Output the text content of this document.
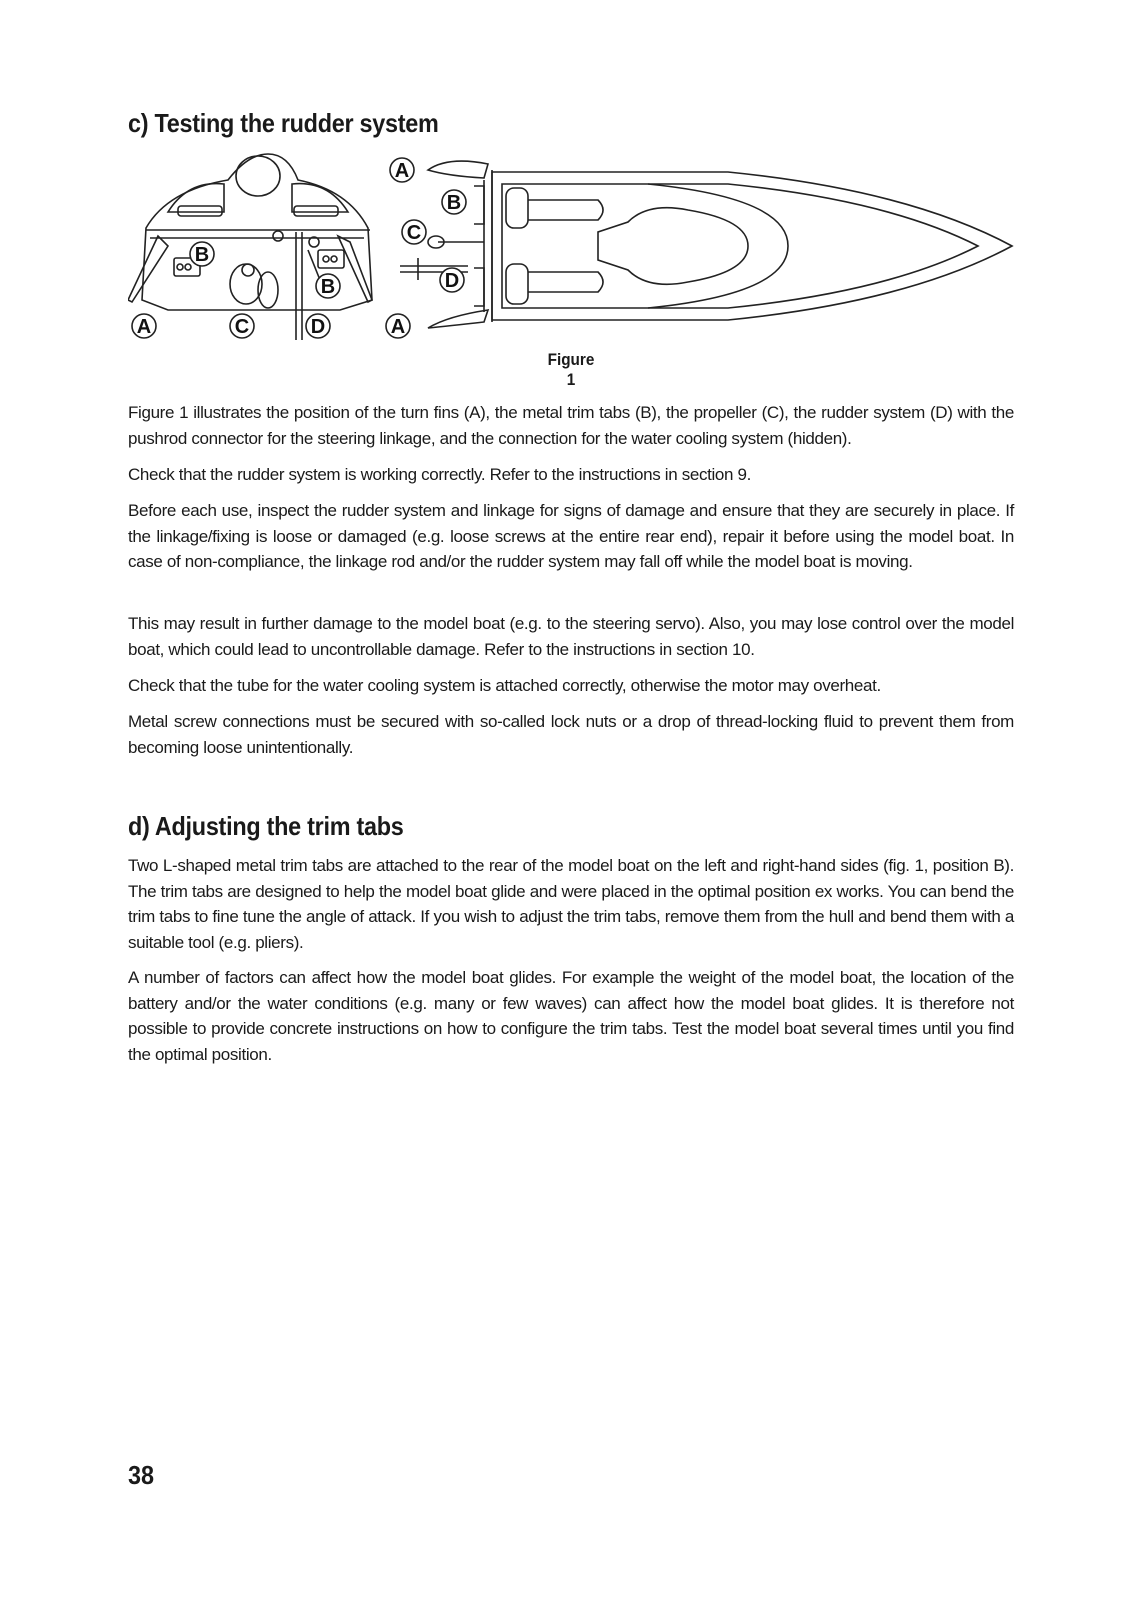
c) Testing the rudder system
B
B
A	C	D
A
B
C
D
A
Figure 1

Figure 1 illustrates the position of the turn fins (A), the metal trim tabs (B), the propeller (C), the rudder system (D) with the pushrod connector for the steering linkage, and the connection for the water cooling system (hidden).

Check that the rudder system is working correctly. Refer to the instructions in section 9.

Before each use, inspect the rudder system and linkage for signs of damage and ensure that they are securely in place. If the linkage/fixing is loose or damaged (e.g. loose screws at the entire rear end), repair it before using the model boat. In case of non-compliance, the linkage rod and/or the rudder system may fall off while the model boat is moving.

This may result in further damage to the model boat (e.g. to the steering servo). Also, you may lose control over the model boat, which could lead to uncontrollable damage. Refer to the instructions in section 10.

Check that the tube for the water cooling system is attached correctly, otherwise the motor may overheat.

Metal screw connections must be secured with so-called lock nuts or a drop of thread-locking fluid to prevent them from becoming loose unintentionally.

d) Adjusting the trim tabs

Two L-shaped metal trim tabs are attached to the rear of the model boat on the left and right-hand sides (fig. 1, position B). The trim tabs are designed to help the model boat glide and were placed in the optimal position ex works. You can bend the trim tabs to fine tune the angle of attack. If you wish to adjust the trim tabs, remove them from the hull and bend them with a suitable tool (e.g. pliers).

A number of factors can affect how the model boat glides. For example the weight of the model boat, the location of the battery and/or the water conditions (e.g. many or few waves) can affect how the model boat glides. It is therefore not possible to provide concrete instructions on how to configure the trim tabs. Test the model boat several times until you find the optimal position.

38
